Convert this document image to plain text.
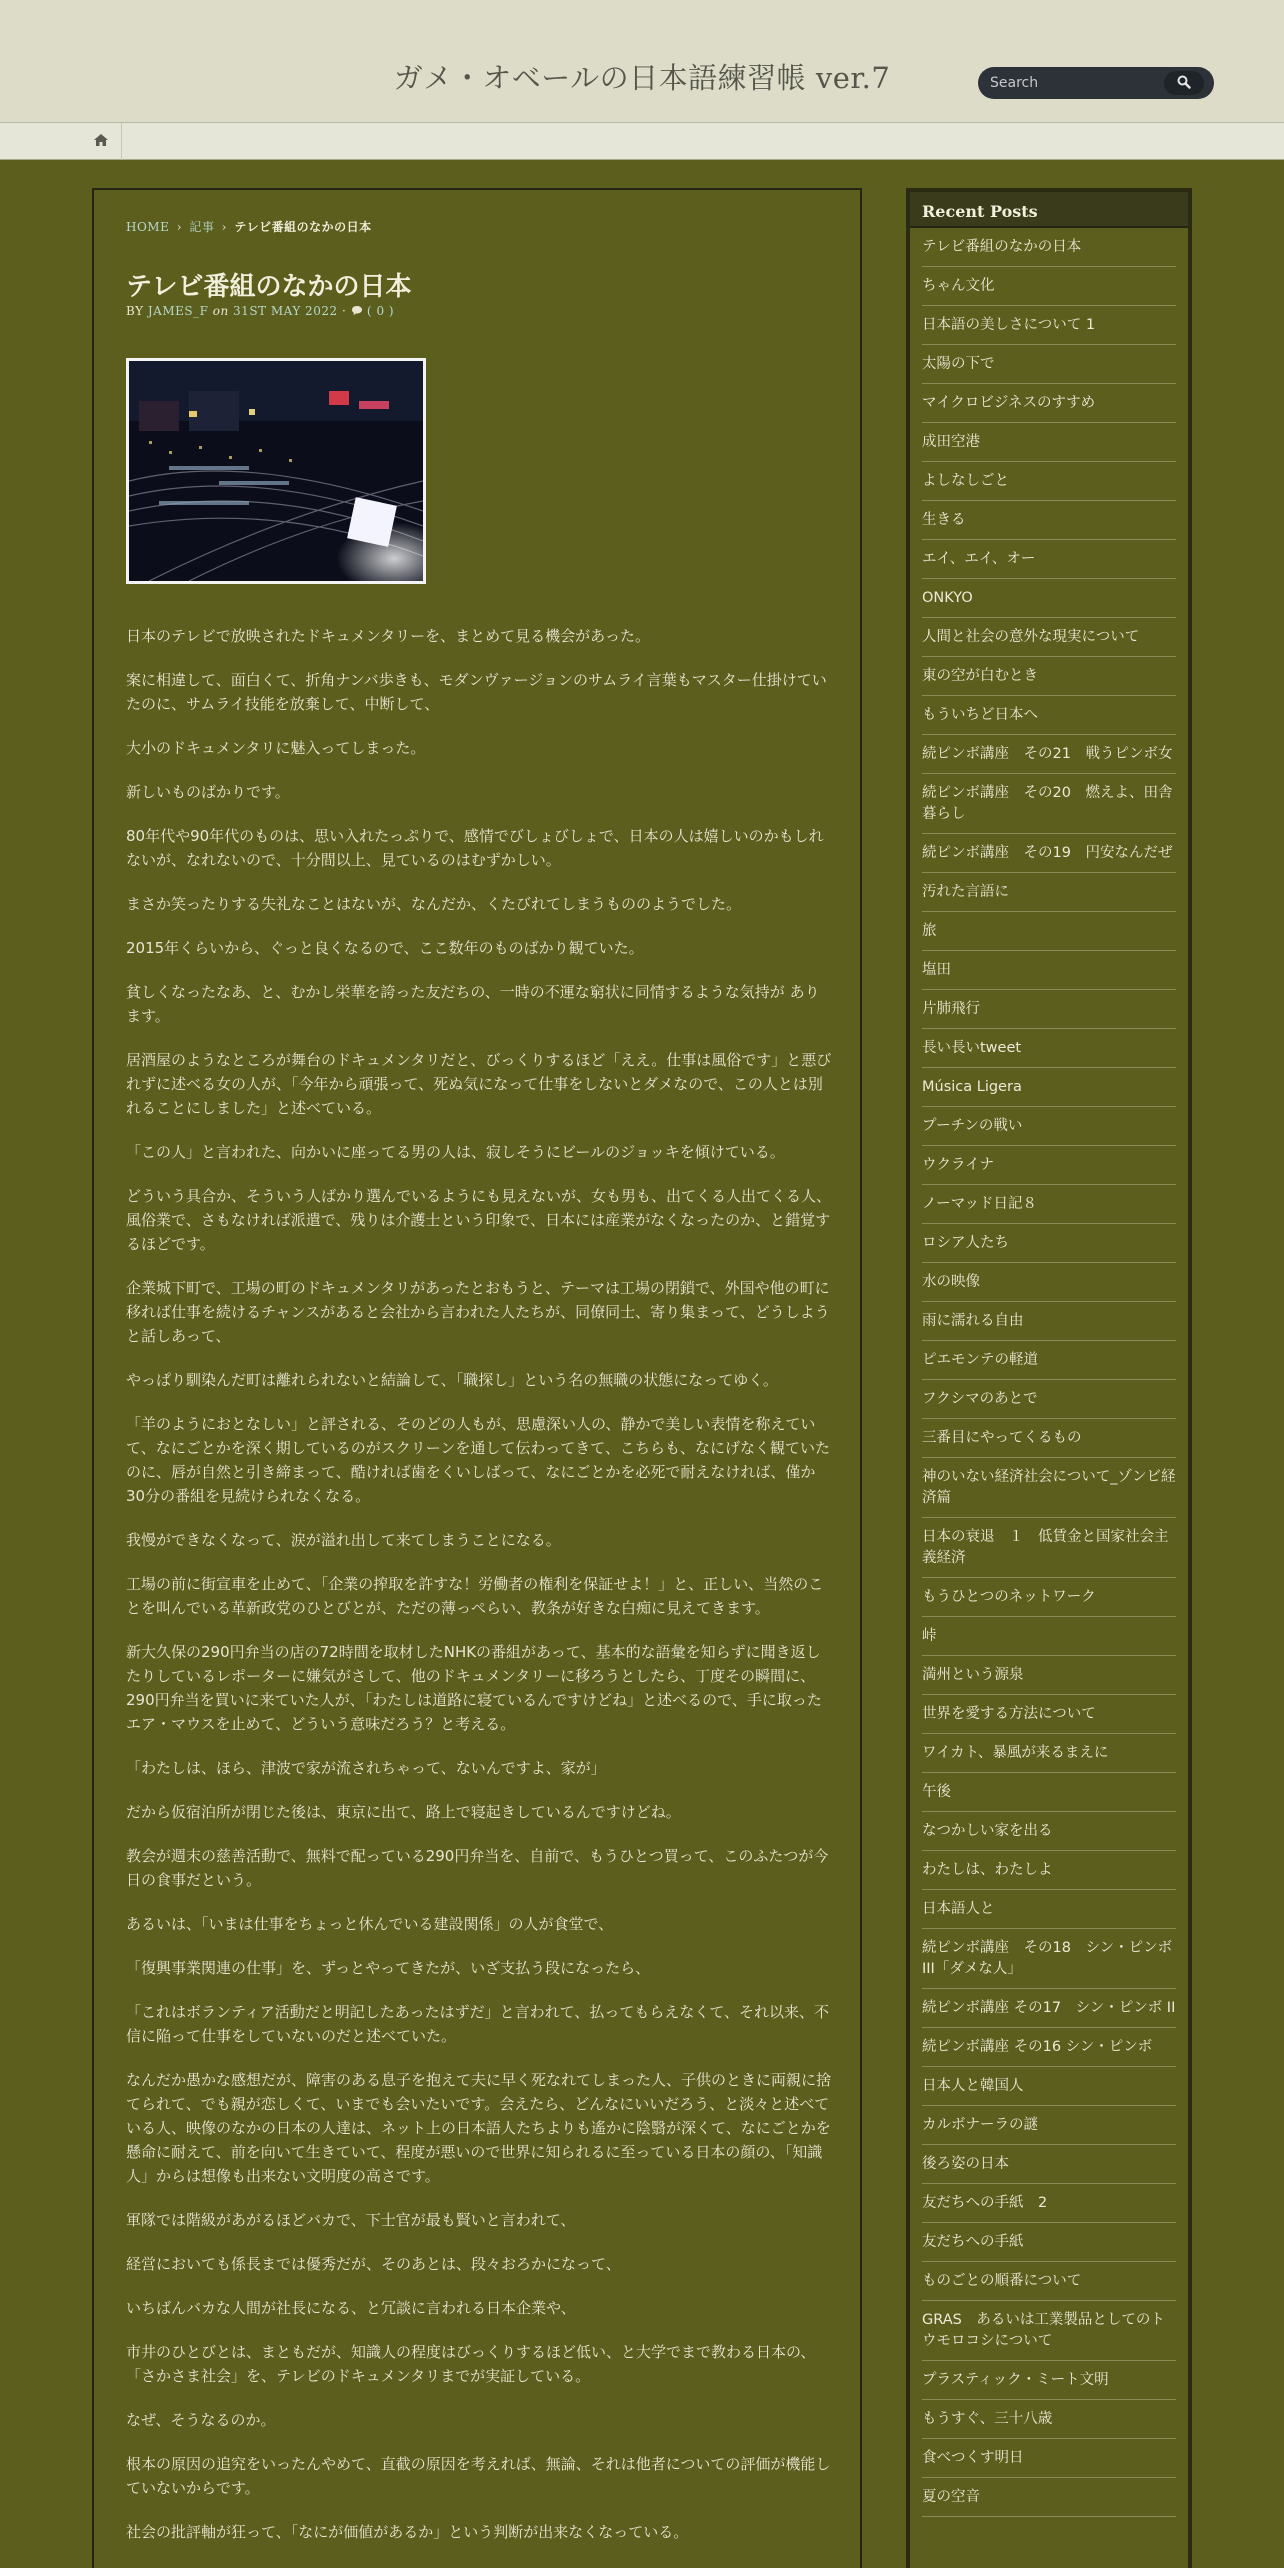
ガメ・オベールの日本語練習帳 ver.7
Search
HOME › 記事 › テレビ番組のなかの日本
テレビ番組のなかの日本
BY JAMES_F on 31ST MAY 2022 · ( 0 )

日本のテレビで放映されたドキュメンタリーを、まとめて見る機会があった。

案に相違して、面白くて、折角ナンバ歩きも、モダンヴァージョンのサムライ言葉もマスター仕掛けていたのに、サムライ技能を放棄して、中断して、

大小のドキュメンタリに魅入ってしまった。

新しいものばかりです。

80年代や90年代のものは、思い入れたっぷりで、感情でびしょびしょで、日本の人は嬉しいのかもしれないが、なれないので、十分間以上、見ているのはむずかしい。

まさか笑ったりする失礼なことはないが、なんだか、くたびれてしまうもののようでした。

2015年くらいから、ぐっと良くなるので、ここ数年のものばかり観ていた。

貧しくなったなあ、と、むかし栄華を誇った友だちの、一時の不運な窮状に同情するような気持が あります。

居酒屋のようなところが舞台のドキュメンタリだと、びっくりするほど「ええ。仕事は風俗です」と悪びれずに述べる女の人が、「今年から頑張って、死ぬ気になって仕事をしないとダメなので、この人とは別れることにしました」と述べている。

「この人」と言われた、向かいに座ってる男の人は、寂しそうにビールのジョッキを傾けている。

どういう具合か、そういう人ばかり選んでいるようにも見えないが、女も男も、出てくる人出てくる人、風俗業で、さもなければ派遣で、残りは介護士という印象で、日本には産業がなくなったのか、と錯覚するほどです。

企業城下町で、工場の町のドキュメンタリがあったとおもうと、テーマは工場の閉鎖で、外国や他の町に移れば仕事を続けるチャンスがあると会社から言われた人たちが、同僚同士、寄り集まって、どうしようと話しあって、

やっぱり馴染んだ町は離れられないと結論して、「職探し」という名の無職の状態になってゆく。

「羊のようにおとなしい」と評される、そのどの人もが、思慮深い人の、静かで美しい表情を称えていて、なにごとかを深く期しているのがスクリーンを通して伝わってきて、こちらも、なにげなく観ていたのに、唇が自然と引き締まって、酷ければ歯をくいしばって、なにごとかを必死で耐えなければ、僅か30分の番組を見続けられなくなる。

我慢ができなくなって、涙が溢れ出して来てしまうことになる。

工場の前に街宣車を止めて、「企業の搾取を許すな！労働者の権利を保証せよ！」と、正しい、当然のことを叫んでいる革新政党のひとびとが、ただの薄っぺらい、教条が好きな白痴に見えてきます。

新大久保の290円弁当の店の72時間を取材したNHKの番組があって、基本的な語彙を知らずに聞き返したりしているレポーターに嫌気がさして、他のドキュメンタリーに移ろうとしたら、丁度その瞬間に、290円弁当を買いに来ていた人が、「わたしは道路に寝ているんですけどね」と述べるので、手に取ったエア・マウスを止めて、どういう意味だろう？と考える。

「わたしは、ほら、津波で家が流されちゃって、ないんですよ、家が」

だから仮宿泊所が閉じた後は、東京に出て、路上で寝起きしているんですけどね。

教会が週末の慈善活動で、無料で配っている290円弁当を、自前で、もうひとつ買って、このふたつが今日の食事だという。

あるいは、「いまは仕事をちょっと休んでいる建設関係」の人が食堂で、

「復興事業関連の仕事」を、ずっとやってきたが、いざ支払う段になったら、

「これはボランティア活動だと明記したあったはずだ」と言われて、払ってもらえなくて、それ以来、不信に陥って仕事をしていないのだと述べていた。

なんだか愚かな感想だが、障害のある息子を抱えて夫に早く死なれてしまった人、子供のときに両親に捨てられて、でも親が恋しくて、いまでも会いたいです。会えたら、どんなにいいだろう、と淡々と述べている人、映像のなかの日本の人達は、ネット上の日本語人たちよりも遙かに陰翳が深くて、なにごとかを懸命に耐えて、前を向いて生きていて、程度が悪いので世界に知られるに至っている日本の顔の、「知識人」からは想像も出来ない文明度の高さです。

軍隊では階級があがるほどバカで、下士官が最も賢いと言われて、

経営においても係長までは優秀だが、そのあとは、段々おろかになって、

いちばんバカな人間が社長になる、と冗談に言われる日本企業や、

市井のひとびとは、まともだが、知識人の程度はびっくりするほど低い、と大学でまで教わる日本の、「さかさま社会」を、テレビのドキュメンタリまでが実証している。

なぜ、そうなるのか。

根本の原因の追究をいったんやめて、直截の原因を考えれば、無論、それは他者についての評価が機能していないからです。

社会の批評軸が狂って、「なにが価値があるか」という判断が出来なくなっている。

Recent Posts
テレビ番組のなかの日本
ちゃん文化
日本語の美しさについて 1
太陽の下で
マイクロビジネスのすすめ
成田空港
よしなしごと
生きる
エイ、エイ、オー
ONKYO
人間と社会の意外な現実について
東の空が白むとき
もういちど日本へ
続ピンボ講座　その21　戦うピンボ女
続ピンボ講座　その20　燃えよ、田舎暮らし
続ピンボ講座　その19　円安なんだぜ
汚れた言語に
旅
塩田
片肺飛行
長い長いtweet
Música Ligera
プーチンの戦い
ウクライナ
ノーマッド日記８
ロシア人たち
水の映像
雨に濡れる自由
ピエモンテの軽道
フクシマのあとで
三番目にやってくるもの
神のいない経済社会について_ゾンビ経済篇
日本の衰退　１　低賃金と国家社会主義経済
もうひとつのネットワーク
峠
満州という源泉
世界を愛する方法について
ワイカト、暴風が来るまえに
午後
なつかしい家を出る
わたしは、わたしよ
日本語人と
続ピンボ講座　その18　シン・ピンボ III「ダメな人」
続ピンボ講座 その17　シン・ピンボ II
続ピンボ講座 その16 シン・ピンボ
日本人と韓国人
カルボナーラの謎
後ろ姿の日本
友だちへの手紙　2
友だちへの手紙
ものごとの順番について
GRAS　あるいは工業製品としてのトウモロコシについて
プラスティック・ミート文明
もうすぐ、三十八歳
食べつくす明日
夏の空音
